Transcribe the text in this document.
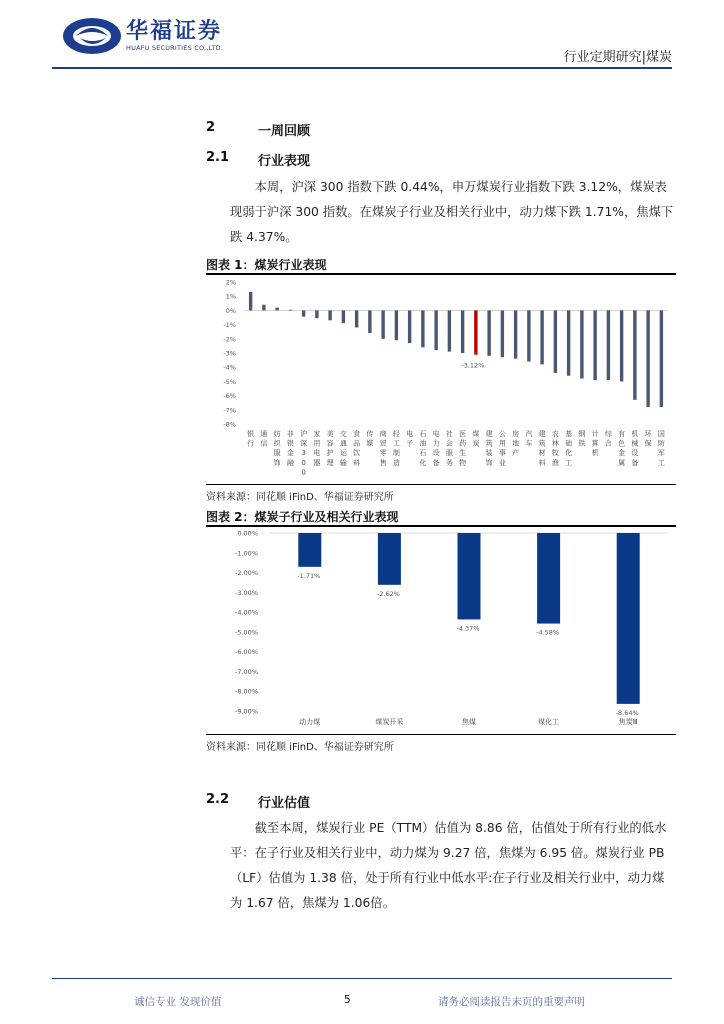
华福证券
HUAFU SECURITIES CO.,LTD.
行业定期研究|煤炭
2	一周回顾
2.1 行业表现

本周，沪深 300 指数下跌 0.44%，申万煤炭行业指数下跌 3.12%，煤炭表现弱于沪深 300 指数。在煤炭子行业及相关行业中，动力煤下跌 1.71%，焦煤下跌 4.37%。

图表 1：煤炭行业表现
2%
1%
0%
-1%
-2%
-3%
-4%
-5%
-6%
-7%
-8%
银
行
通
信
纺
织
服
饰
非
银
金
融
沪
深
3
0
0
家
用
电
器
美
容
护
理
交
通
运
输
食
品
饮
料
传
媒
商
贸
零
售
轻
工
制
造
电
子
石
油
石
化
电
力
设
备
社
会
服
务
医
药
生
物
-3.12%
煤
炭
建
筑
装
饰
公
用
事
业
房
地
产
汽
车
建
筑
材
料
农
林
牧
渔
基
础
化
工
钢
铁
计
算
机
综
合
有
色
金
属
机
械
设
备
环
保
国
防
军
工
资料来源：同花顺 iFinD、华福证券研究所
图表 2：煤炭子行业及相关行业表现
0.00%
-1.00%
-2.00%
-3.00%
-4.00%
-5.00%
-6.00%
-7.00%
-8.00%
-9.00%
-1.71%
动力煤
-2.62%
煤炭开采
-4.37%
焦煤
-4.58%
煤化工
-8.64%
焦炭Ⅲ
资料来源：同花顺 iFinD、华福证券研究所
2.2 行业估值

截至本周，煤炭行业 PE（TTM）估值为 8.86 倍，估值处于所有行业的低水平：在子行业及相关行业中，动力煤为 9.27 倍，焦煤为 6.95 倍。煤炭行业 PB（LF）估值为 1.38 倍，处于所有行业中低水平:在子行业及相关行业中，动力煤为 1.67 倍，焦煤为 1.06倍。

诚信专业 发现价值	5	请务必阅读报告末页的重要声明
